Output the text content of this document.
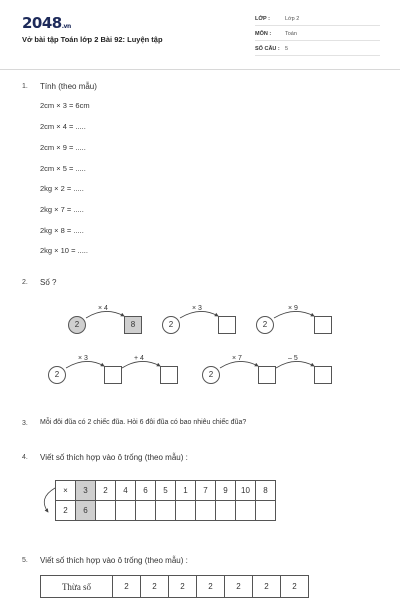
2048.vn
Vở bài tập Toán lớp 2 Bài 92: Luyện tập
LỚP :	Lớp 2
MÔN :	Toán
SỐ CÂU : 5
1. Tính (theo mẫu)
2cm × 3 = 6cm
2cm × 4 = .....
2cm × 9 = .....
2cm × 5 = .....
2kg × 2 = .....
2kg × 7 = .....
2kg × 8 = .....
2kg × 10 = .....
2. Số ?
2
× 4
8	2
× 3
2
× 9
2
× 3	+ 4
2
× 7	– 5
3. Mỗi đôi đũa có 2 chiếc đũa. Hỏi 6 đôi đũa có bao nhiêu chiếc đũa?
4. Viết số thích hợp vào ô trống (theo mẫu) :
×	3	2	4	6	5	1	7	9	10	8
2	6									
5. Viết số thích hợp vào ô trống (theo mẫu) :
Thừa số	2	2	2	2	2	2	2
